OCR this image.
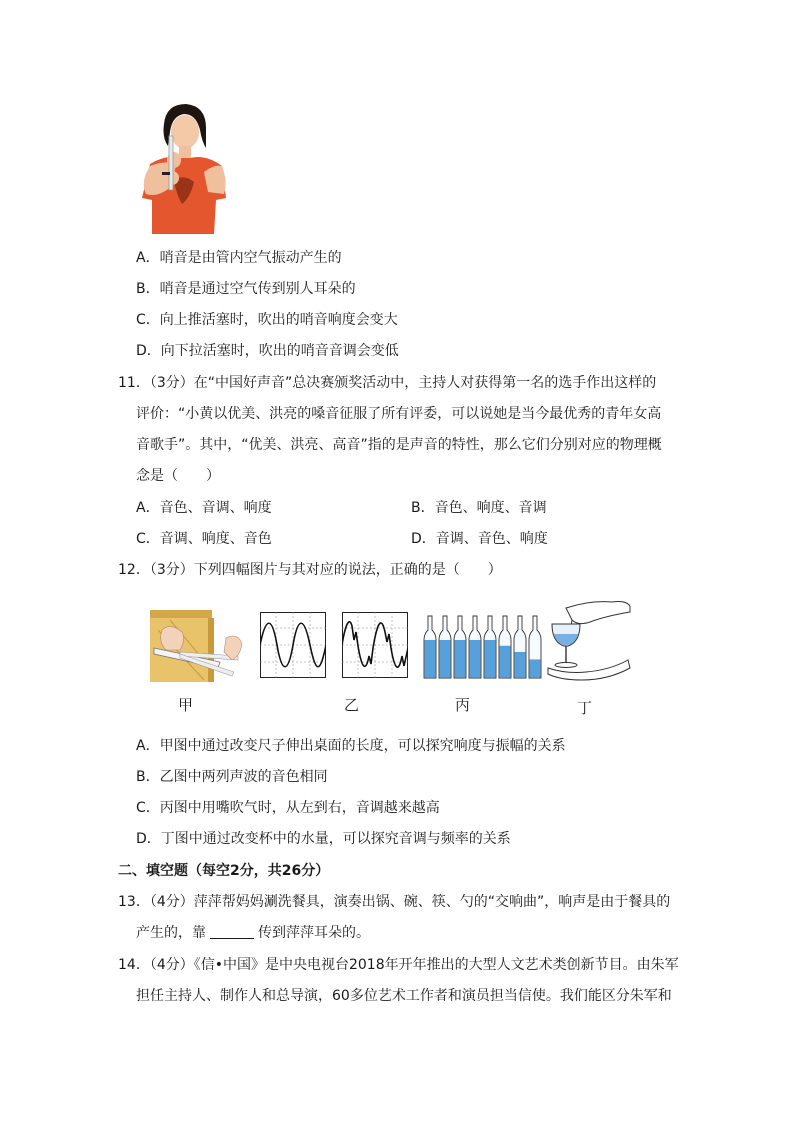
A．哨音是由管内空气振动产生的
B．哨音是通过空气传到别人耳朵的
C．向上推活塞时，吹出的哨音响度会变大
D．向下拉活塞时，吹出的哨音音调会变低
11．（3分）在“中国好声音”总决赛颁奖活动中，主持人对获得第一名的选手作出这样的
评价：“小黄以优美、洪亮的嗓音征服了所有评委，可以说她是当今最优秀的青年女高
音歌手”。其中，“优美、洪亮、高音”指的是声音的特性，那么它们分别对应的物理概
念是（　　）
A．音色、音调、响度	B．音色、响度、音调
C．音调、响度、音色	D．音调、音色、响度
12．（3分）下列四幅图片与其对应的说法，正确的是（　　）
甲	乙	丙	丁
A．甲图中通过改变尺子伸出桌面的长度，可以探究响度与振幅的关系
B．乙图中两列声波的音色相同
C．丙图中用嘴吹气时，从左到右，音调越来越高
D．丁图中通过改变杯中的水量，可以探究音调与频率的关系
二、填空题（每空2分，共26分）
13．（4分）萍萍帮妈妈涮洗餐具，演奏出锅、碗、筷、勺的“交响曲”，响声是由于餐具的
产生的，靠	传到萍萍耳朵的。
14．（4分）《信•中国》是中央电视台2018年开年推出的大型人文艺术类创新节目。由朱军
担任主持人、制作人和总导演，60多位艺术工作者和演员担当信使。我们能区分朱军和
